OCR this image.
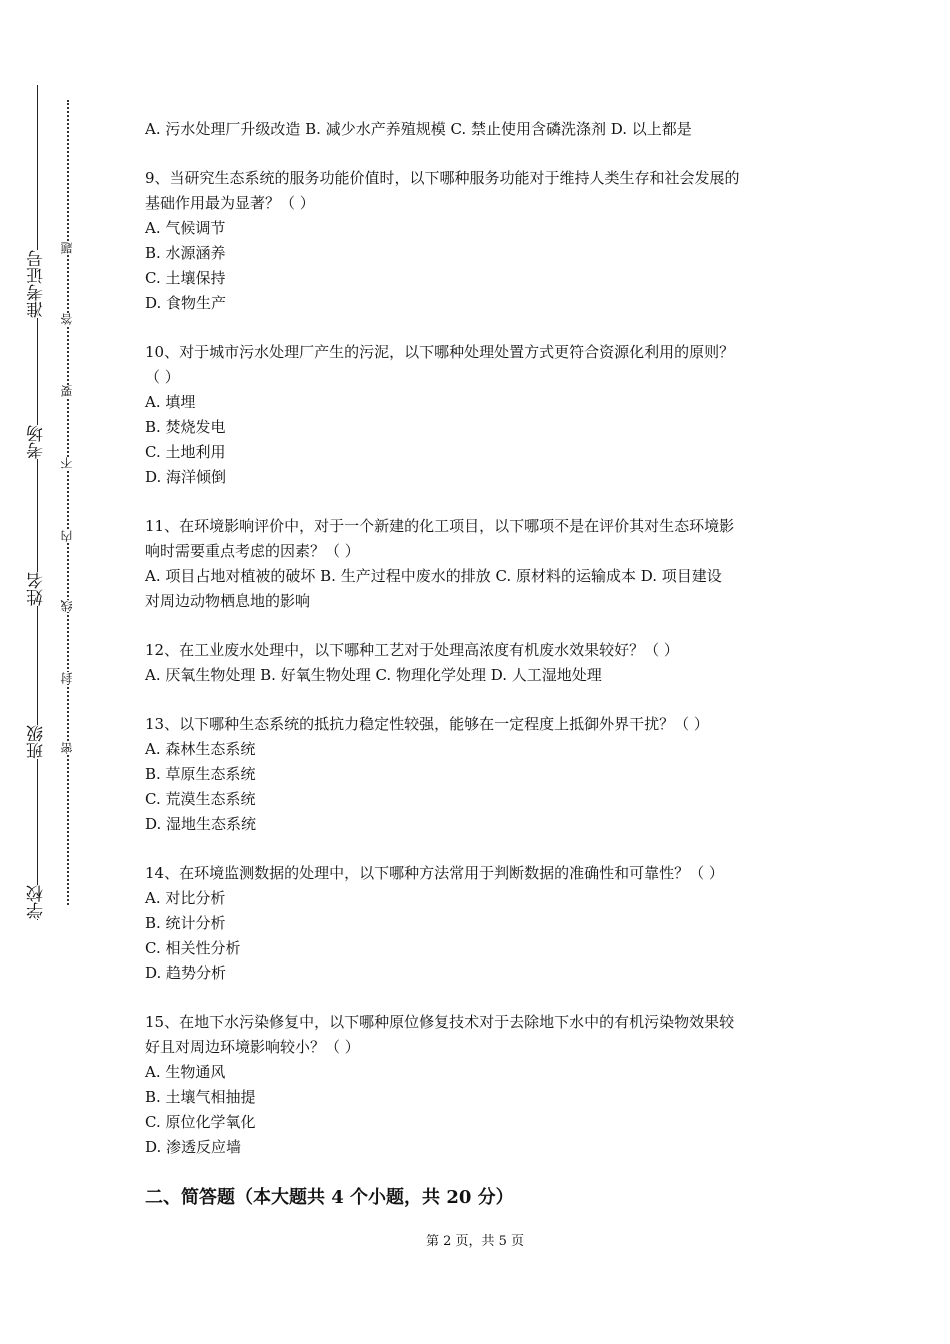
准考证号
考场
姓名
班级
学校
题
答
要
不
内
线
封
密

A. 污水处理厂升级改造 B. 减少水产养殖规模 C. 禁止使用含磷洗涤剂 D. 以上都是

9、当研究生态系统的服务功能价值时，以下哪种服务功能对于维持人类生存和社会发展的

基础作用最为显著？（ ）

A. 气候调节

B. 水源涵养

C. 土壤保持

D. 食物生产

10、对于城市污水处理厂产生的污泥，以下哪种处理处置方式更符合资源化利用的原则？

（ ）

A. 填埋

B. 焚烧发电

C. 土地利用

D. 海洋倾倒

11、在环境影响评价中，对于一个新建的化工项目，以下哪项不是在评价其对生态环境影

响时需要重点考虑的因素？（ ）

A. 项目占地对植被的破坏 B. 生产过程中废水的排放 C. 原材料的运输成本 D. 项目建设

对周边动物栖息地的影响

12、在工业废水处理中，以下哪种工艺对于处理高浓度有机废水效果较好？（ ）

A. 厌氧生物处理 B. 好氧生物处理 C. 物理化学处理 D. 人工湿地处理

13、以下哪种生态系统的抵抗力稳定性较强，能够在一定程度上抵御外界干扰？（ ）

A. 森林生态系统

B. 草原生态系统

C. 荒漠生态系统

D. 湿地生态系统

14、在环境监测数据的处理中，以下哪种方法常用于判断数据的准确性和可靠性？（ ）

A. 对比分析

B. 统计分析

C. 相关性分析

D. 趋势分析

15、在地下水污染修复中，以下哪种原位修复技术对于去除地下水中的有机污染物效果较

好且对周边环境影响较小？（ ）

A. 生物通风

B. 土壤气相抽提

C. 原位化学氧化

D. 渗透反应墙

二、简答题（本大题共 4 个小题，共 20 分）
第 2 页，共 5 页
